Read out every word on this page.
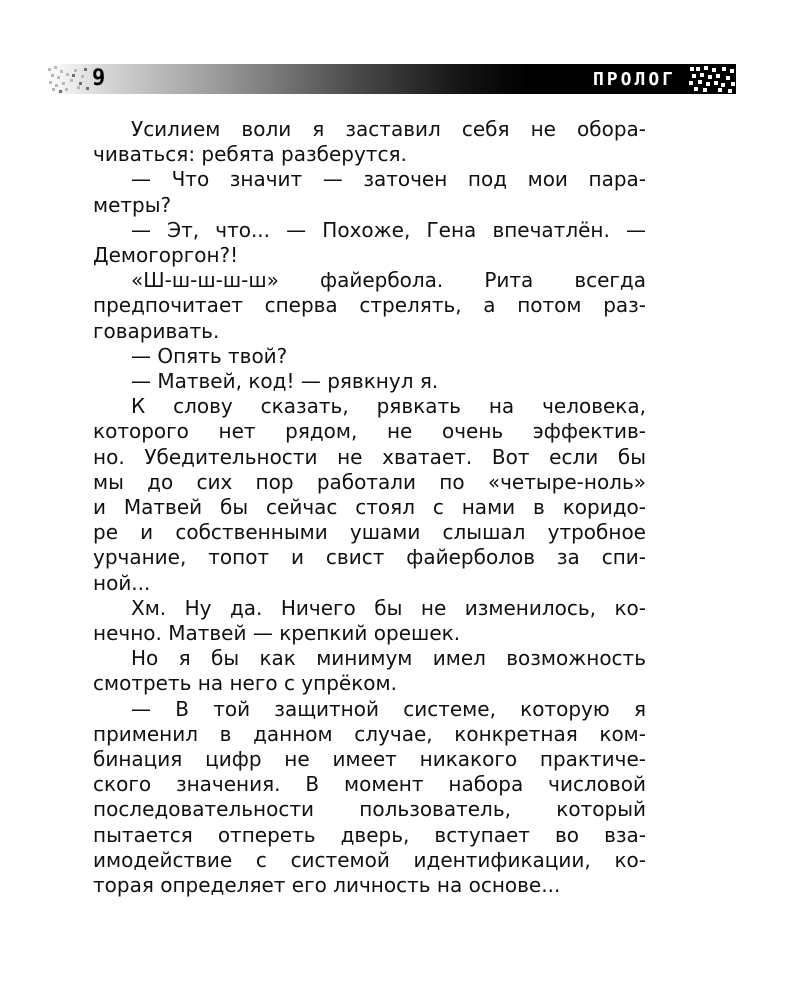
9	ПРОЛОГ
Усилием воли я заставил себя не обора-
чиваться: ребята разберутся.
— Что значит — заточен под мои пара-
метры?
— Эт, что... — Похоже, Гена впечатлён. —
Демогоргон?!
«Ш-ш-ш-ш-ш» файербола. Рита всегда
предпочитает сперва стрелять, а потом раз-
говаривать.
— Опять твой?
— Матвей, код! — рявкнул я.
К слову сказать, рявкать на человека,
которого нет рядом, не очень эффектив-
но. Убедительности не хватает. Вот если бы
мы до сих пор работали по «четыре-ноль»
и Матвей бы сейчас стоял с нами в коридо-
ре и собственными ушами слышал утробное
урчание, топот и свист файерболов за спи-
ной...
Хм. Ну да. Ничего бы не изменилось, ко-
нечно. Матвей — крепкий орешек.
Но я бы как минимум имел возможность
смотреть на него с упрёком.
— В той защитной системе, которую я
применил в данном случае, конкретная ком-
бинация цифр не имеет никакого практиче-
ского значения. В момент набора числовой
последовательности пользователь, который
пытается отпереть дверь, вступает во вза-
имодействие с системой идентификации, ко-
торая определяет его личность на основе...
